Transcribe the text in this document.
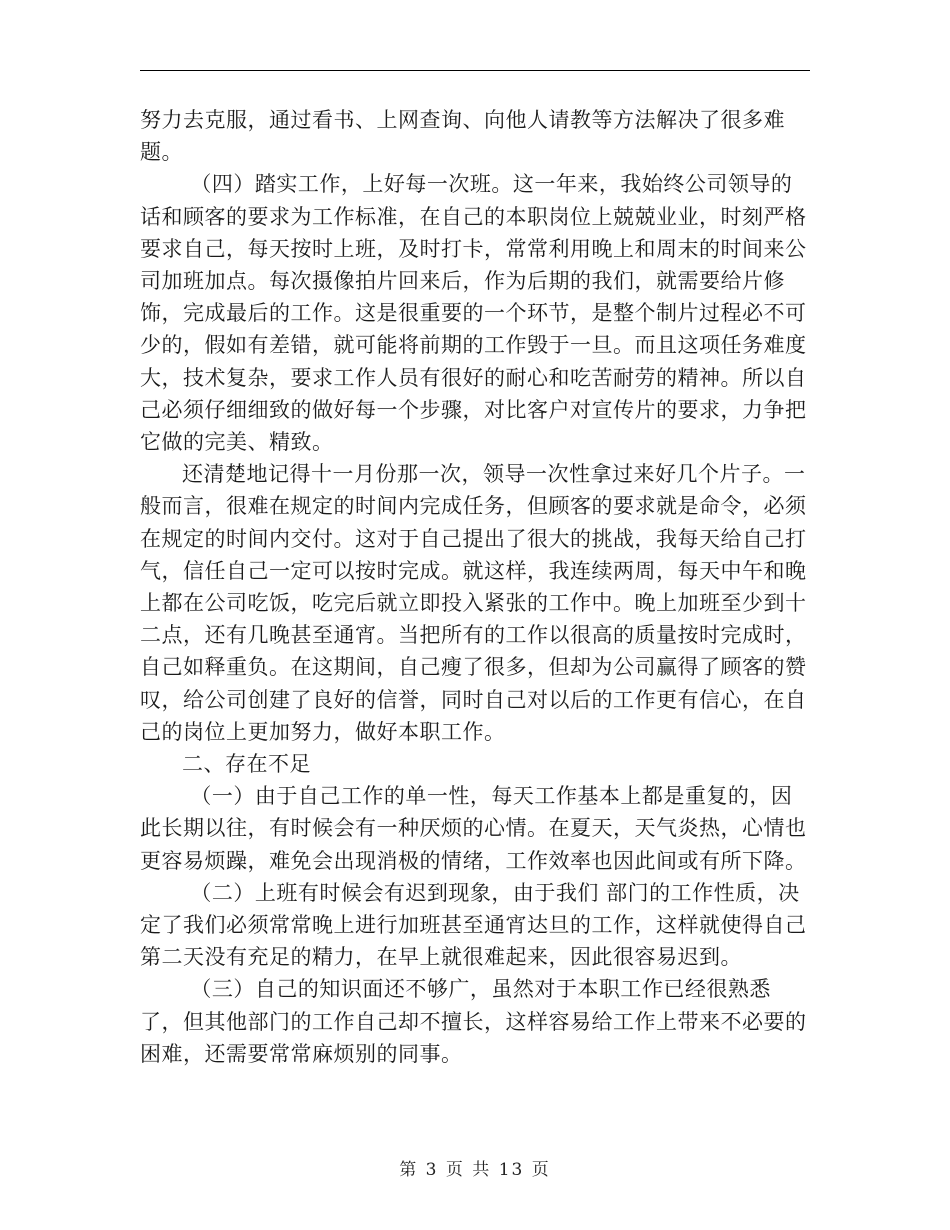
努力去克服，通过看书、上网查询、向他人请教等方法解决了很多难题。

（四）踏实工作，上好每一次班。这一年来，我始终公司领导的话和顾客的要求为工作标准，在自己的本职岗位上兢兢业业，时刻严格要求自己，每天按时上班，及时打卡，常常利用晚上和周末的时间来公司加班加点。每次摄像拍片回来后，作为后期的我们，就需要给片修饰，完成最后的工作。这是很重要的一个环节，是整个制片过程必不可少的，假如有差错，就可能将前期的工作毁于一旦。而且这项任务难度大，技术复杂，要求工作人员有很好的耐心和吃苦耐劳的精神。所以自己必须仔细细致的做好每一个步骤，对比客户对宣传片的要求，力争把它做的完美、精致。

还清楚地记得十一月份那一次，领导一次性拿过来好几个片子。一般而言，很难在规定的时间内完成任务，但顾客的要求就是命令，必须在规定的时间内交付。这对于自己提出了很大的挑战，我每天给自己打气，信任自己一定可以按时完成。就这样，我连续两周，每天中午和晚上都在公司吃饭，吃完后就立即投入紧张的工作中。晚上加班至少到十二点，还有几晚甚至通宵。当把所有的工作以很高的质量按时完成时，自己如释重负。在这期间，自己瘦了很多，但却为公司赢得了顾客的赞叹，给公司创建了良好的信誉，同时自己对以后的工作更有信心，在自己的岗位上更加努力，做好本职工作。

二、存在不足

（一）由于自己工作的单一性，每天工作基本上都是重复的，因此长期以往，有时候会有一种厌烦的心情。在夏天，天气炎热，心情也更容易烦躁，难免会出现消极的情绪，工作效率也因此间或有所下降。

（二）上班有时候会有迟到现象，由于我们 部门的工作性质，决定了我们必须常常晚上进行加班甚至通宵达旦的工作，这样就使得自己第二天没有充足的精力，在早上就很难起来，因此很容易迟到。

（三）自己的知识面还不够广，虽然对于本职工作已经很熟悉了，但其他部门的工作自己却不擅长，这样容易给工作上带来不必要的困难，还需要常常麻烦别的同事。

第 3 页 共 13 页
